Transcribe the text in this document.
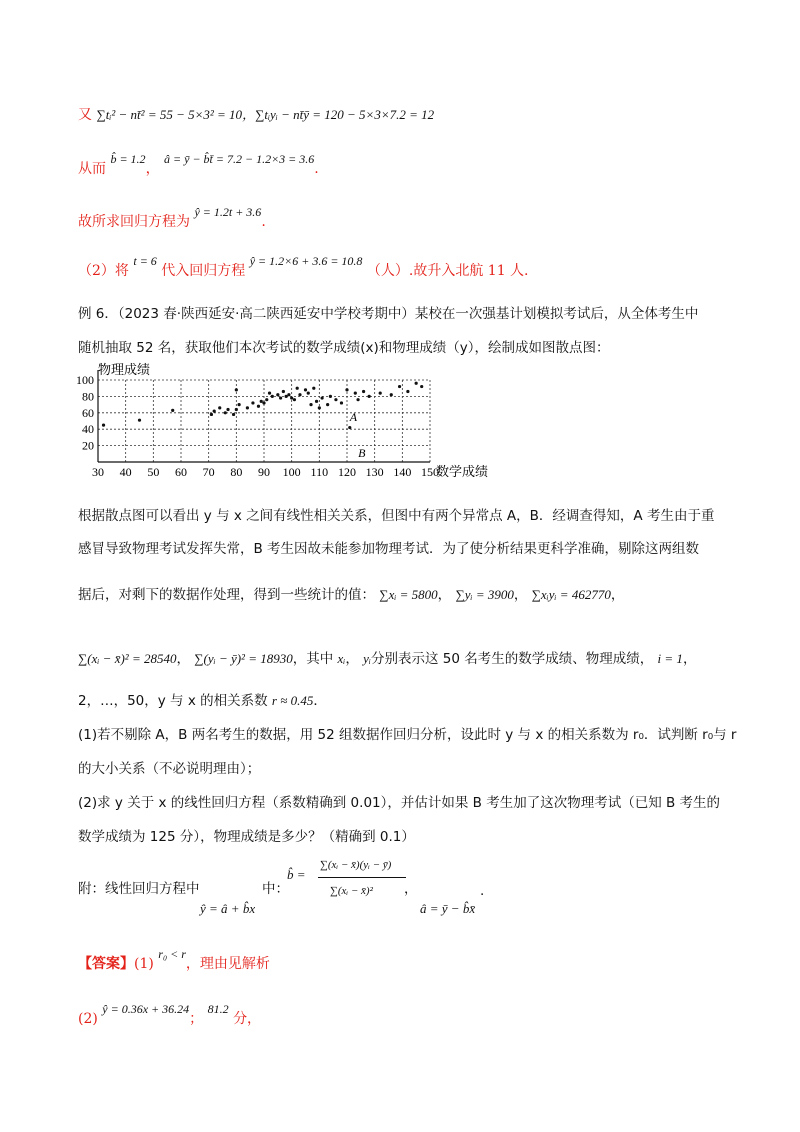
又 ∑tᵢ² − nt̄² = 55 − 5×3² = 10，∑tᵢyᵢ − nt̄ȳ = 120 − 5×3×7.2 = 12
从而 b̂ = 1.2， â = ȳ − b̂t̄ = 7.2 − 1.2×3 = 3.6.
故所求回归方程为 ŷ = 1.2t + 3.6.
（2）将 t = 6 代入回归方程 ŷ = 1.2×6 + 3.6 = 10.8 （人）.故升入北航 11 人.
例 6．（2023 春·陕西延安·高二陕西延安中学校考期中）某校在一次强基计划模拟考试后，从全体考生中
随机抽取 52 名，获取他们本次考试的数学成绩(x)和物理成绩（y），绘制成如图散点图：
30 40 50 60 70 80 90 100 110 120 130 140 150
20
40
60
80
100
物理成绩
数学成绩
A
B
根据散点图可以看出 y 与 x 之间有线性相关关系，但图中有两个异常点 A，B．经调查得知，A 考生由于重
感冒导致物理考试发挥失常，B 考生因故未能参加物理考试．为了使分析结果更科学准确，剔除这两组数
据后，对剩下的数据作处理，得到一些统计的值： ∑xᵢ = 5800， ∑yᵢ = 3900， ∑xᵢyᵢ = 462770，
∑(xᵢ − x̄)² = 28540， ∑(yᵢ − ȳ)² = 18930，其中 xᵢ， yᵢ分别表示这 50 名考生的数学成绩、物理成绩， i = 1，
2，…，50，y 与 x 的相关系数 r ≈ 0.45．
(1)若不剔除 A，B 两名考生的数据，用 52 组数据作回归分析，设此时 y 与 x 的相关系数为 r₀．试判断 r₀与 r
的大小关系（不必说明理由）；
(2)求 y 关于 x 的线性回归方程（系数精确到 0.01），并估计如果 B 考生加了这次物理考试（已知 B 考生的
数学成绩为 125 分），物理成绩是多少？（精确到 0.1）
附：线性回归方程中
ŷ = â + b̂x
中：
b̂ =
∑(xᵢ − x̄)(yᵢ − ȳ)
∑(xᵢ − x̄)² ，
â = ȳ − b̂x̄
.
【答案】(1) r₀ < r，理由见解析
(2) ŷ = 0.36x + 36.24； 81.2 分，
